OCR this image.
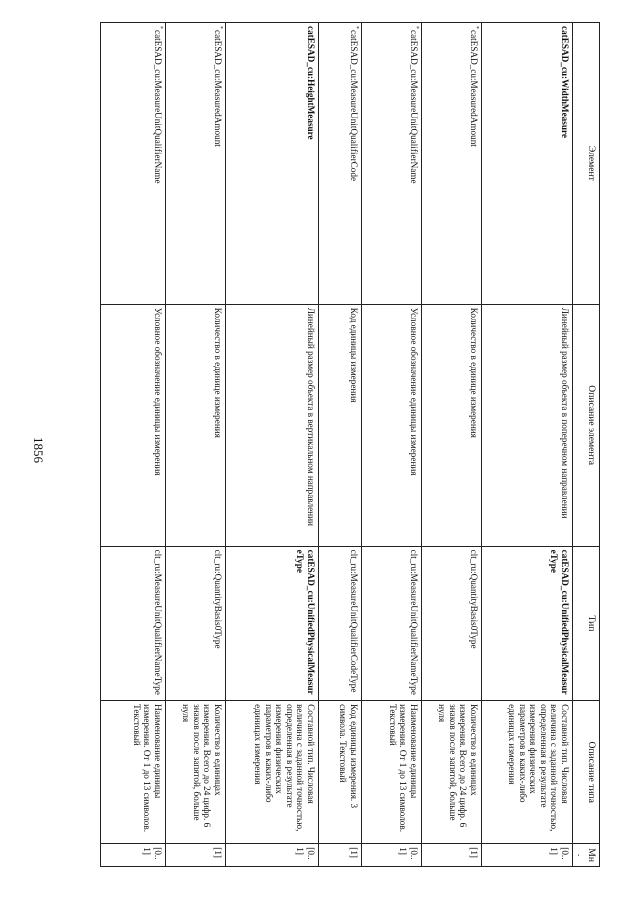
1856
Элемент	Описание элемента	Тип	Описание типа	Мн.
catESAD_cu:WidthMeasure	Линейный размер объекта в поперечном направлении	catESAD_cu:UnifiedPhysicalMeasureType	Составной тип. Числовая величина с заданной точностью, определенная в результате измерения физических параметров в каких-либо единицах измерения	[0..1]
*catESAD_cu:MeasuredAmount	Количество в единице измерения	clt_ru:QuantityBasis0Type	Количество в единицах измерения. Всего до 24 цифр. 6 знаков после запятой, больше нуля	[1]
*catESAD_cu:MeasureUnitQualifierName	Условное обозначение единицы измерения	clt_ru:MeasureUnitQualifierNameType	Наименование единицы измерения. От 1 до 13 символов. Текстовый	[0..1]
*catESAD_cu:MeasureUnitQualifierCode	Код единицы измерения	clt_ru:MeasureUnitQualifierCodeType	Код единицы измерения. 3 символа. Текстовый	[1]
catESAD_cu:HeightMeasure	Линейный размер объекта в вертикальном направлении	catESAD_cu:UnifiedPhysicalMeasureType	Составной тип. Числовая величина с заданной точностью, определенная в результате измерения физических параметров в каких-либо единицах измерения	[0..1]
*catESAD_cu:MeasuredAmount	Количество в единице измерения	clt_ru:QuantityBasis0Type	Количество в единицах измерения. Всего до 24 цифр. 6 знаков после запятой, больше нуля	[1]
*catESAD_cu:MeasureUnitQualifierName	Условное обозначение единицы измерения	clt_ru:MeasureUnitQualifierNameType	Наименование единицы измерения. От 1 до 13 символов. Текстовый	[0..1]
